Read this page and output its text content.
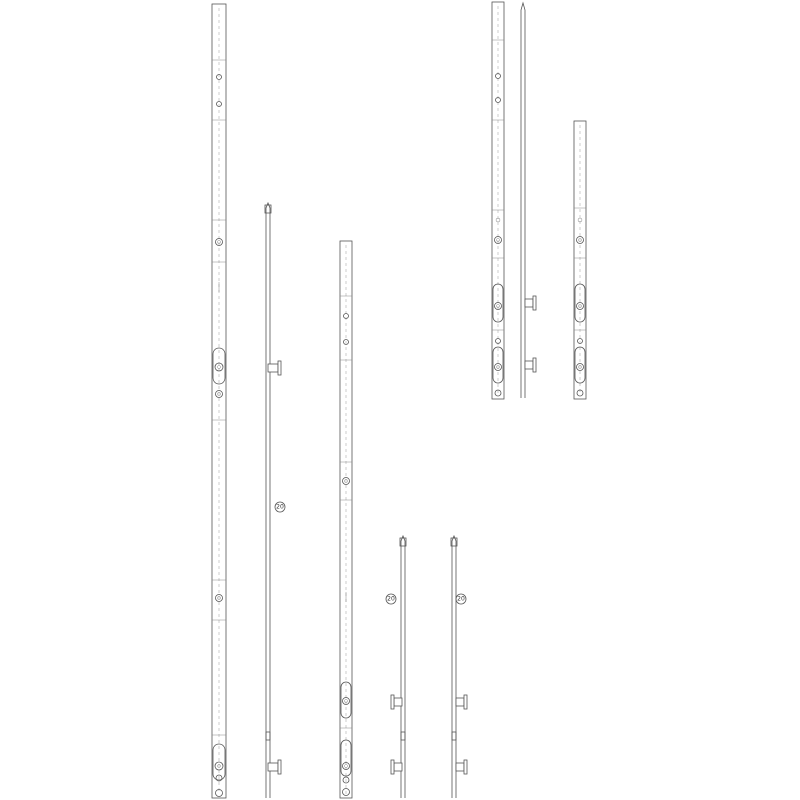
20
20	20
